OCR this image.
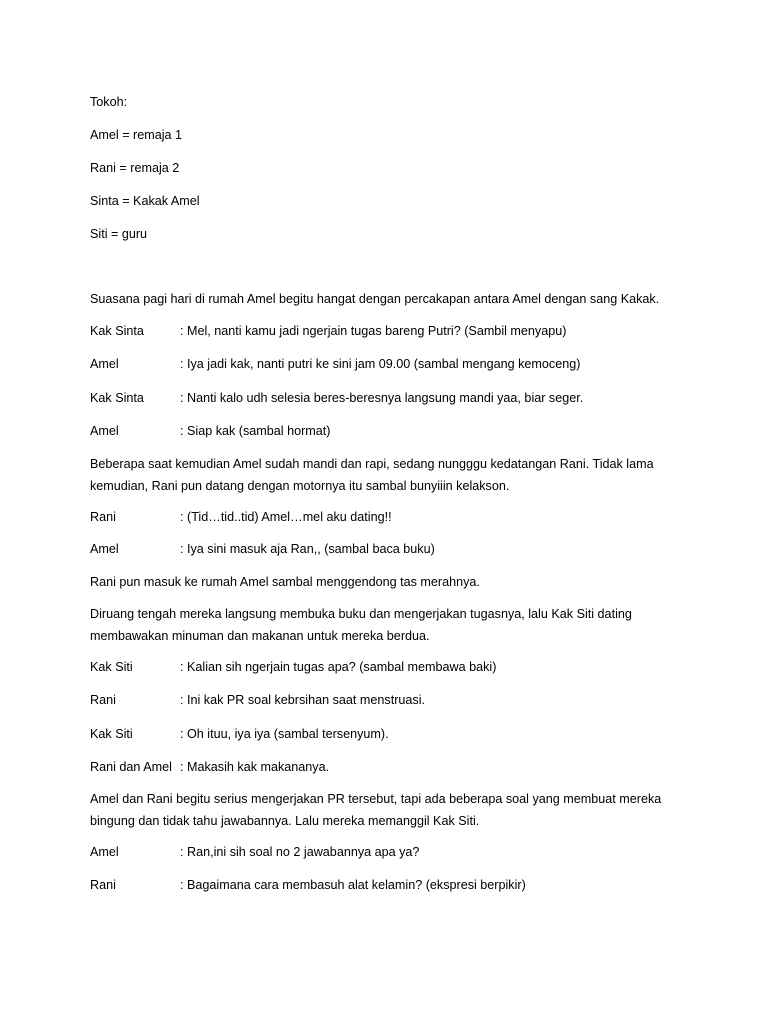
Tokoh:
Amel = remaja 1
Rani = remaja 2
Sinta = Kakak Amel
Siti = guru
Suasana pagi hari di rumah Amel begitu hangat dengan percakapan antara Amel dengan sang Kakak.
Kak Sinta	: Mel, nanti kamu jadi ngerjain tugas bareng Putri? (Sambil menyapu)
Amel	: Iya jadi kak, nanti putri ke sini jam 09.00 (sambal mengang kemoceng)
Kak Sinta	: Nanti kalo udh selesia beres-beresnya langsung mandi yaa, biar seger.
Amel	: Siap kak (sambal hormat)
Beberapa saat kemudian Amel sudah mandi dan rapi, sedang nungggu kedatangan Rani. Tidak lama kemudian, Rani pun datang dengan motornya itu sambal bunyiiin kelakson.
Rani	: (Tid…tid..tid) Amel…mel aku dating!!
Amel	: Iya sini masuk aja Ran,, (sambal baca buku)
Rani pun masuk ke rumah Amel sambal menggendong tas merahnya.
Diruang tengah mereka langsung membuka buku dan mengerjakan tugasnya, lalu Kak Siti dating membawakan minuman dan makanan untuk mereka berdua.
Kak Siti	: Kalian sih ngerjain tugas apa? (sambal membawa baki)
Rani	: Ini kak PR soal kebrsihan saat menstruasi.
Kak Siti	: Oh ituu, iya iya (sambal tersenyum).
Rani dan Amel : Makasih kak makananya.
Amel dan Rani begitu serius mengerjakan PR tersebut, tapi ada beberapa soal yang membuat mereka bingung dan tidak tahu jawabannya. Lalu mereka memanggil Kak Siti.
Amel	: Ran,ini sih soal no 2 jawabannya apa ya?
Rani	: Bagaimana cara membasuh alat kelamin? (ekspresi berpikir)
